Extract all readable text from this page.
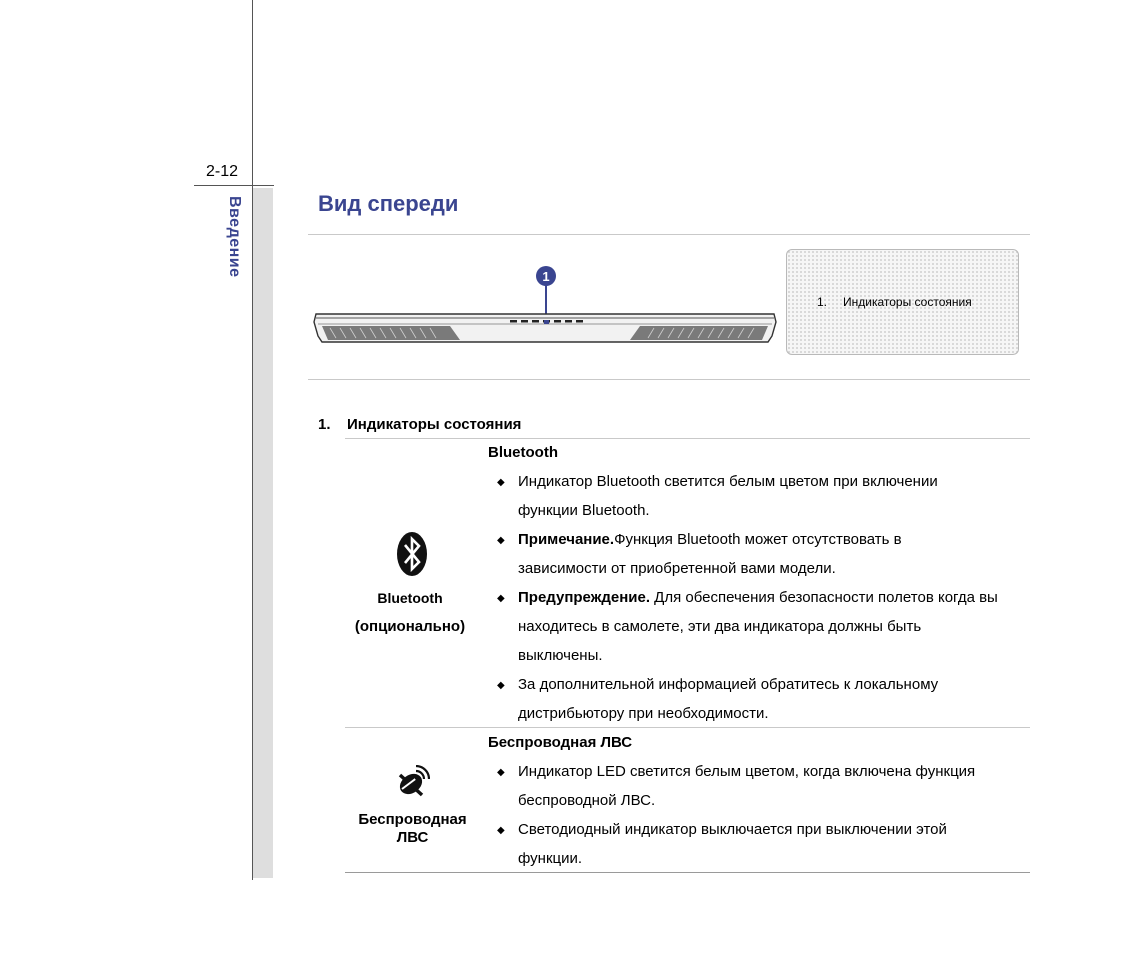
2-12
Введение	Вид спереди
1
1. Индикаторы состояния
1. Индикаторы состояния
Bluetooth
(опционально)
Bluetooth
◆ Индикатор Bluetooth светится белым цветом при включении
функции Bluetooth.
◆ Примечание.Функция Bluetooth может отсутствовать в
зависимости от приобретенной вами модели.
◆ Предупреждение. Для обеспечения безопасности полетов когда вы
находитесь в самолете, эти два индикатора должны быть
выключены.
◆ За дополнительной информацией обратитесь к локальному
дистрибьютору при необходимости.
Беспроводная
ЛВС
Беспроводная ЛВС
◆ Индикатор LED светится белым цветом, когда включена функция
беспроводной ЛВС.
◆ Светодиодный индикатор выключается при выключении этой
функции.
